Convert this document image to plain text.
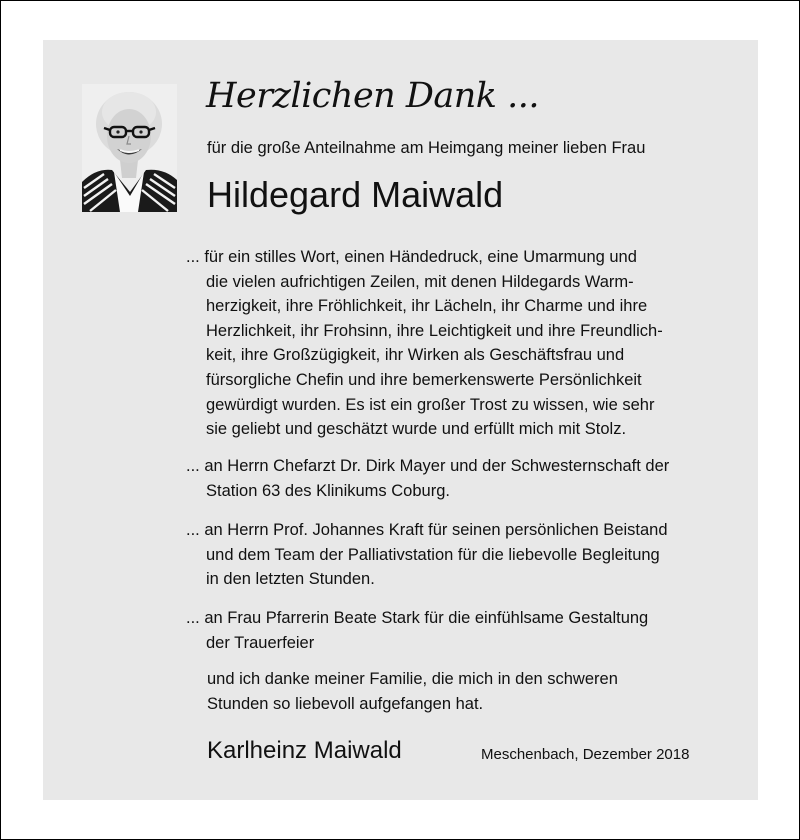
Herzlichen Dank ...
für die große Anteilnahme am Heimgang meiner lieben Frau
Hildegard Maiwald
... für ein stilles Wort, einen Händedruck, eine Umarmung und
die vielen aufrichtigen Zeilen, mit denen Hildegards Warm-
herzigkeit, ihre Fröhlichkeit, ihr Lächeln, ihr Charme und ihre
Herzlichkeit, ihr Frohsinn, ihre Leichtigkeit und ihre Freundlich-
keit, ihre Großzügigkeit, ihr Wirken als Geschäftsfrau und
fürsorgliche Chefin und ihre bemerkenswerte Persönlichkeit
gewürdigt wurden. Es ist ein großer Trost zu wissen, wie sehr
sie geliebt und geschätzt wurde und erfüllt mich mit Stolz.
... an Herrn Chefarzt Dr. Dirk Mayer und der Schwesternschaft der
Station 63 des Klinikums Coburg.
... an Herrn Prof. Johannes Kraft für seinen persönlichen Beistand
und dem Team der Palliativstation für die liebevolle Begleitung
in den letzten Stunden.
... an Frau Pfarrerin Beate Stark für die einfühlsame Gestaltung
der Trauerfeier
und ich danke meiner Familie, die mich in den schweren
Stunden so liebevoll aufgefangen hat.
Karlheinz Maiwald	Meschenbach, Dezember 2018
